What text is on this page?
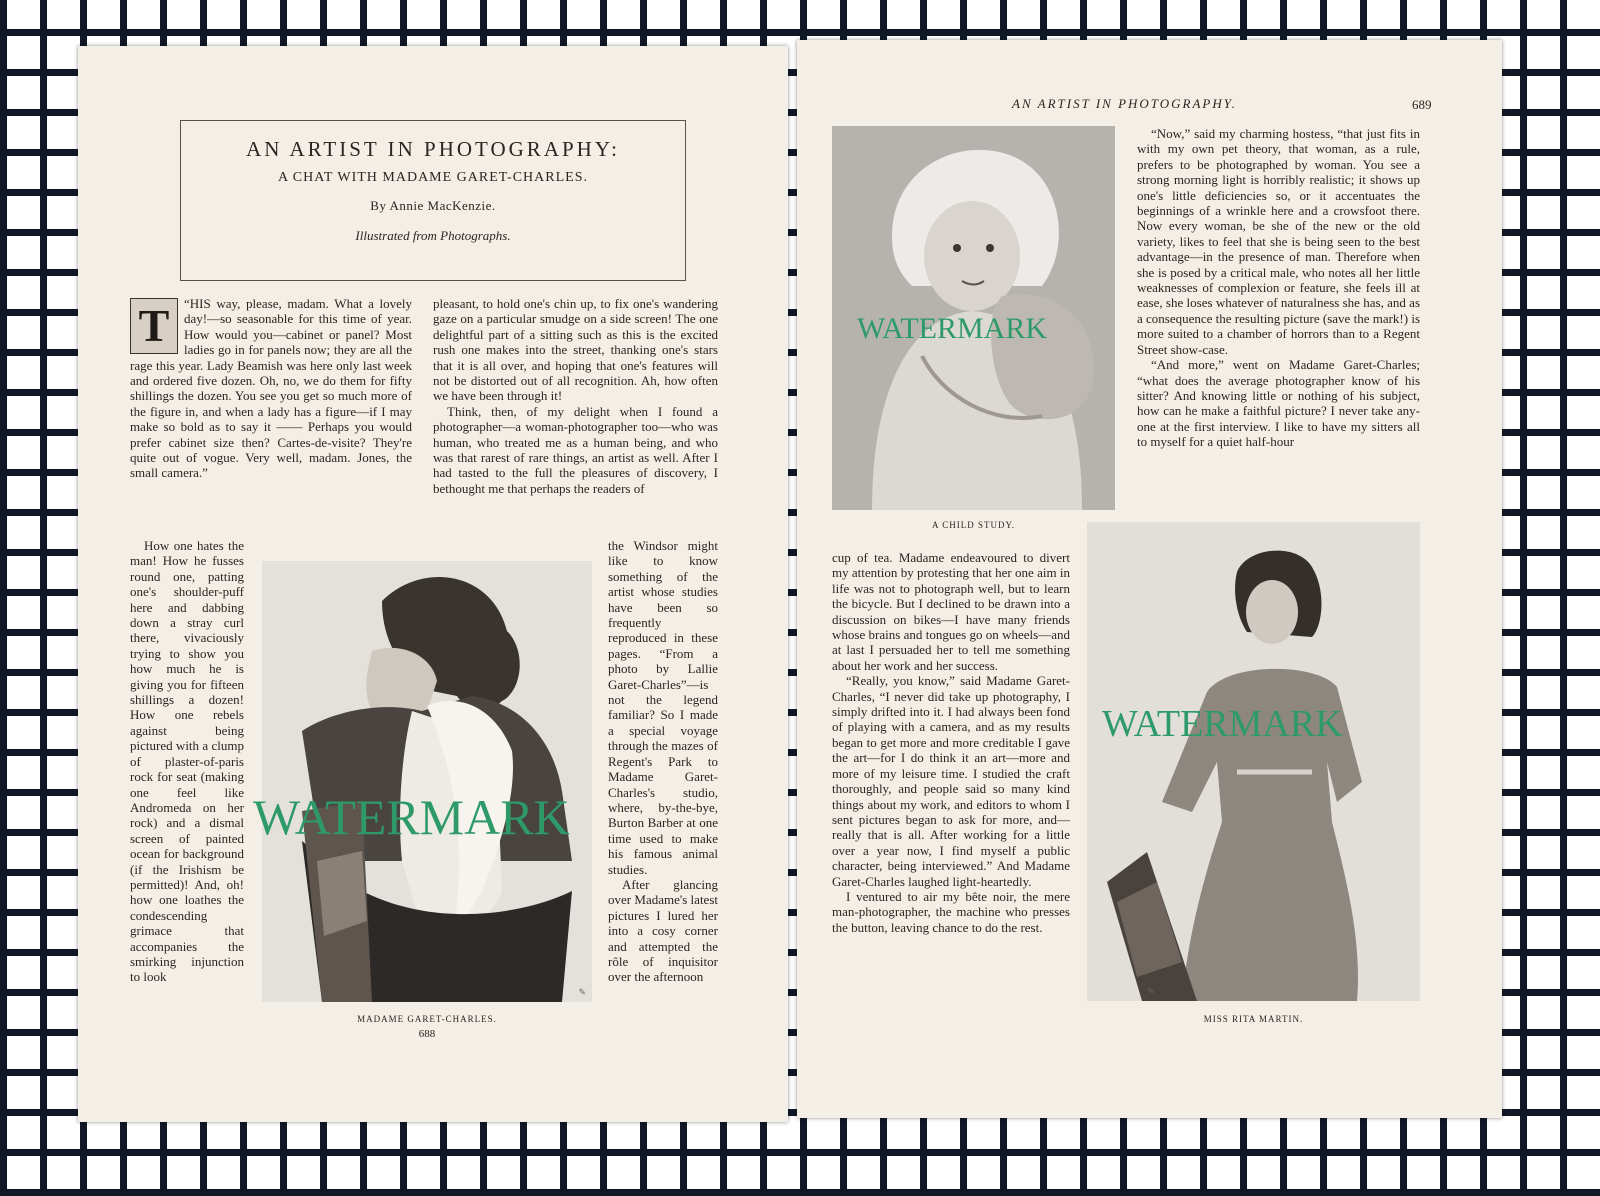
AN ARTIST IN PHOTOGRAPHY:
A CHAT WITH MADAME GARET-CHARLES.
By Annie MacKenzie.
Illustrated from Photographs.
T	“HIS way, please, madam. What a lovely day!—so seasonable for this time of year. How would you—cabinet or panel? Most ladies go in for panels now; they are all the rage this year. Lady Beamish was here only last week and ordered five dozen. Oh, no, we do them for fifty shillings the dozen. You see you get so much more of the figure in, and when a lady has a figure—if I may make so bold as to say it —— Perhaps you would prefer cabinet size then? Cartes-de-visite? They're quite out of vogue. Very well, madam. Jones, the small camera.”

How one hates the man! How he fusses round one, patting one's shoulder-puff here and dabbing down a stray curl there, vivaciously trying to show you how much he is giving you for fifteen shillings a dozen! How one rebels against being pictured with a clump of plaster-of-paris rock for seat (making one feel like Andromeda on her rock) and a dismal screen of painted ocean for background (if the Irishism be permitted)! And, oh! how one loathes the condescending grimace that accompanies the smirking injunction to look

pleasant, to hold one's chin up, to fix one's wandering gaze on a particular smudge on a side screen! The one delightful part of a sitting such as this is the excited rush one makes into the street, thanking one's stars that it is all over, and hoping that one's features will not be distorted out of all recognition. Ah, how often we have been through it!

Think, then, of my delight when I found a photographer—a woman-photographer too—who was human, who treated me as a human being, and who was that rarest of rare things, an artist as well. After I had tasted to the full the pleasures of discovery, I bethought me that perhaps the readers of

the Windsor might like to know something of the artist whose studies have been so frequently reproduced in these pages. “From a photo by Lallie Garet-Charles”—is not the legend familiar? So I made a special voyage through the mazes of Regent's Park to Madame Garet-Charles's studio, where, by-the-bye, Burton Barber at one time used to make his famous animal studies.

After glancing over Madame's latest pictures I lured her into a cosy corner and attempted the rôle of inquisitor over the afternoon

✎
MADAME GARET-CHARLES.
688
WATERMARK
AN ARTIST IN PHOTOGRAPHY.	689
A CHILD STUDY.

“Now,” said my charming hostess, “that just fits in with my own pet theory, that woman, as a rule, prefers to be photographed by woman. You see a strong morning light is horribly realistic; it shows up one's little deficiencies so, or it accentuates the beginnings of a wrinkle here and a crowsfoot there. Now every woman, be she of the new or the old variety, likes to feel that she is being seen to the best advantage—in the presence of man. Therefore when she is posed by a critical male, who notes all her little weaknesses of complexion or feature, she feels ill at ease, she loses whatever of naturalness she has, and as a consequence the resulting picture (save the mark!) is more suited to a chamber of horrors than to a Regent Street show-case.

“And more,” went on Madame Garet-Charles; “what does the average photographer know of his sitter? And knowing little or nothing of his subject, how can he make a faithful picture? I never take any-one at the first interview. I like to have my sitters all to myself for a quiet half-hour

cup of tea. Madame endeavoured to divert my attention by protesting that her one aim in life was not to photograph well, but to learn the bicycle. But I declined to be drawn into a discussion on bikes—I have many friends whose brains and tongues go on wheels—and at last I persuaded her to tell me something about her work and her success.

“Really, you know,” said Madame Garet-Charles, “I never did take up photography, I simply drifted into it. I had always been fond of playing with a camera, and as my results began to get more and more creditable I gave the art—for I do think it an art—more and more of my leisure time. I studied the craft thoroughly, and people said so many kind things about my work, and editors to whom I sent pictures began to ask for more, and—really that is all. After working for a little over a year now, I find myself a public character, being interviewed.” And Madame Garet-Charles laughed light-heartedly.

I ventured to air my bête noir, the mere man-photographer, the machine who presses the button, leaving chance to do the rest.

✎
MISS RITA MARTIN.
WATERMARK
WATERMARK
